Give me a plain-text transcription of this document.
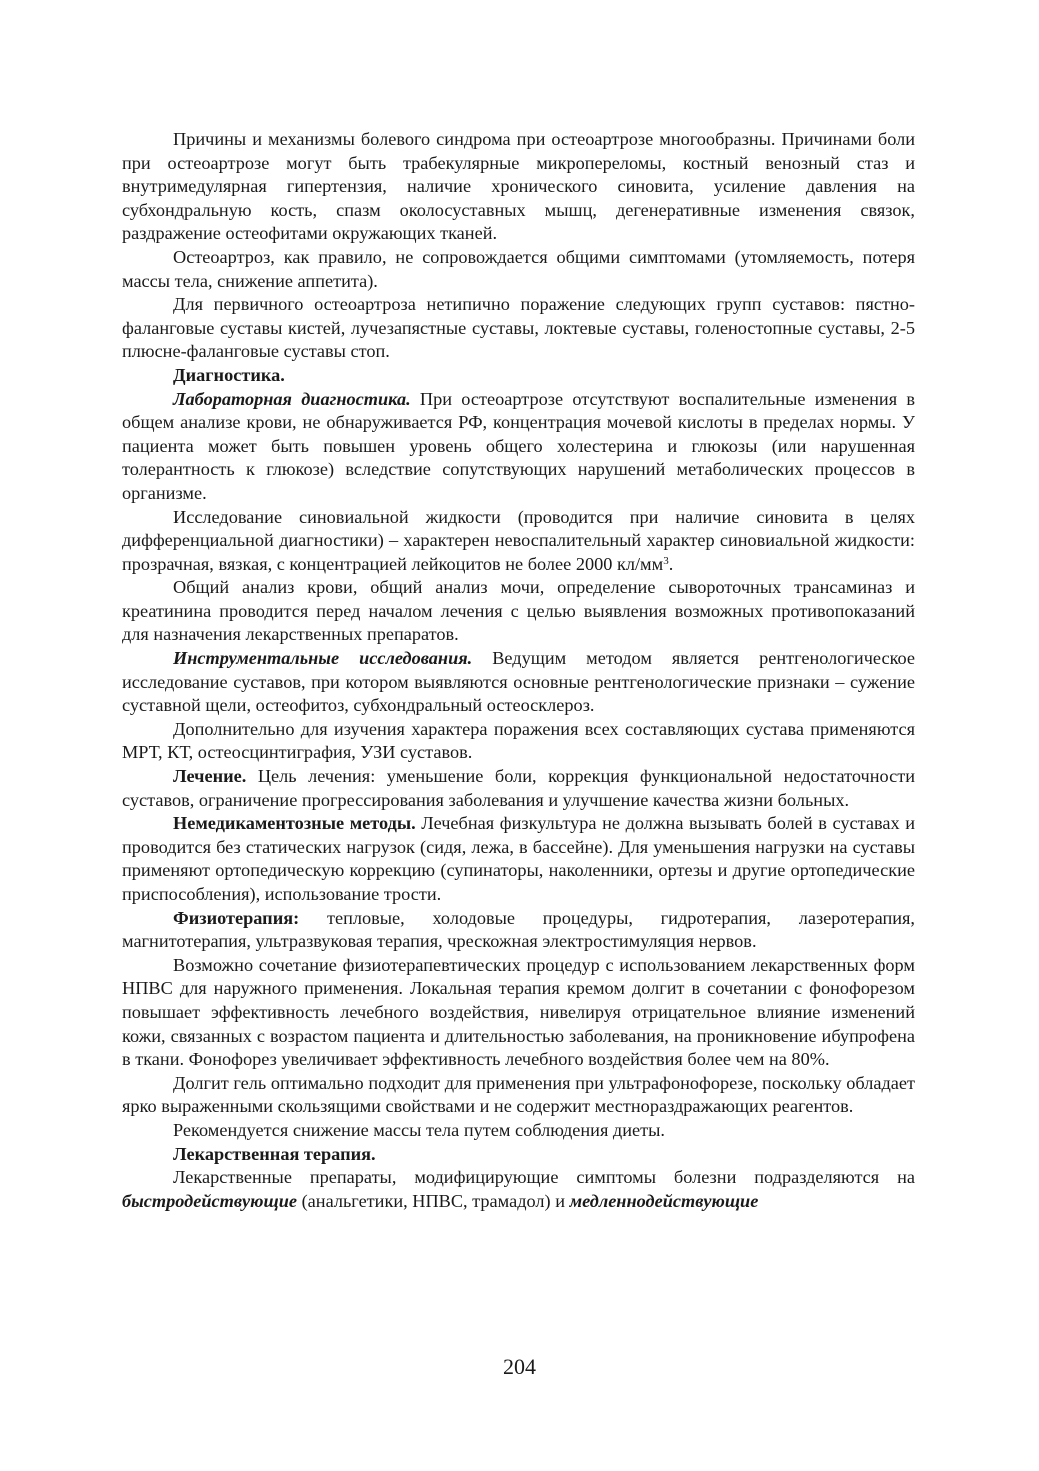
Причины и механизмы болевого синдрома при остеоартрозе многообразны. Причинами боли при остеоартрозе могут быть трабекулярные микропереломы, костный венозный стаз и внутримедулярная гипертензия, наличие хронического синовита, усиление давления на субхондральную кость, спазм околосуставных мышц, дегенеративные изменения связок, раздражение остеофитами окружающих тканей.

Остеоартроз, как правило, не сопровождается общими симптомами (утомляемость, потеря массы тела, снижение аппетита).

Для первичного остеоартроза нетипично поражение следующих групп суставов: пястно-фаланговые суставы кистей, лучезапястные суставы, локтевые суставы, голеностопные суставы, 2-5 плюсне-фаланговые суставы стоп.

Диагностика.

Лабораторная диагностика. При остеоартрозе отсутствуют воспалительные изменения в общем анализе крови, не обнаруживается РФ, концентрация мочевой кислоты в пределах нормы. У пациента может быть повышен уровень общего холестерина и глюкозы (или нарушенная толерантность к глюкозе) вследствие сопутствующих нарушений метаболических процессов в организме.

Исследование синовиальной жидкости (проводится при наличие синовита в целях дифференциальной диагностики) – характерен невоспалительный характер синовиальной жидкости: прозрачная, вязкая, с концентрацией лейкоцитов не более 2000 $кл/мм^3$.

Общий анализ крови, общий анализ мочи, определение сывороточных трансаминаз и креатинина проводится перед началом лечения с целью выявления возможных противопоказаний для назначения лекарственных препаратов.

Инструментальные исследования. Ведущим методом является рентгенологическое исследование суставов, при котором выявляются основные рентгенологические признаки – сужение суставной щели, остеофитоз, субхондральный остеосклероз.

Дополнительно для изучения характера поражения всех составляющих сустава применяются МРТ, КТ, остеосцинтиграфия, УЗИ суставов.

Лечение. Цель лечения: уменьшение боли, коррекция функциональной недостаточности суставов, ограничение прогрессирования заболевания и улучшение качества жизни больных.

Немедикаментозные методы. Лечебная физкультура не должна вызывать болей в суставах и проводится без статических нагрузок (сидя, лежа, в бассейне). Для уменьшения нагрузки на суставы применяют ортопедическую коррекцию (супинаторы, наколенники, ортезы и другие ортопедические приспособления), использование трости.

Физиотерапия: тепловые, холодовые процедуры, гидротерапия, лазеротерапия, магнитотерапия, ультразвуковая терапия, чрескожная электростимуляция нервов.

Возможно сочетание физиотерапевтических процедур с использованием лекарственных форм НПВС для наружного применения. Локальная терапия кремом долгит в сочетании с фонофорезом повышает эффективность лечебного воздействия, нивелируя отрицательное влияние изменений кожи, связанных с возрастом пациента и длительностью заболевания, на проникновение ибупрофена в ткани. Фонофорез увеличивает эффективность лечебного воздействия более чем на 80%.

Долгит гель оптимально подходит для применения при ультрафонофорезе, поскольку обладает ярко выраженными скользящими свойствами и не содержит местнораздражающих реагентов.

Рекомендуется снижение массы тела путем соблюдения диеты.

Лекарственная терапия.

Лекарственные препараты, модифицирующие симптомы болезни подразделяются на быстродействующие (анальгетики, НПВС, трамадол) и медленнодействующие

204
